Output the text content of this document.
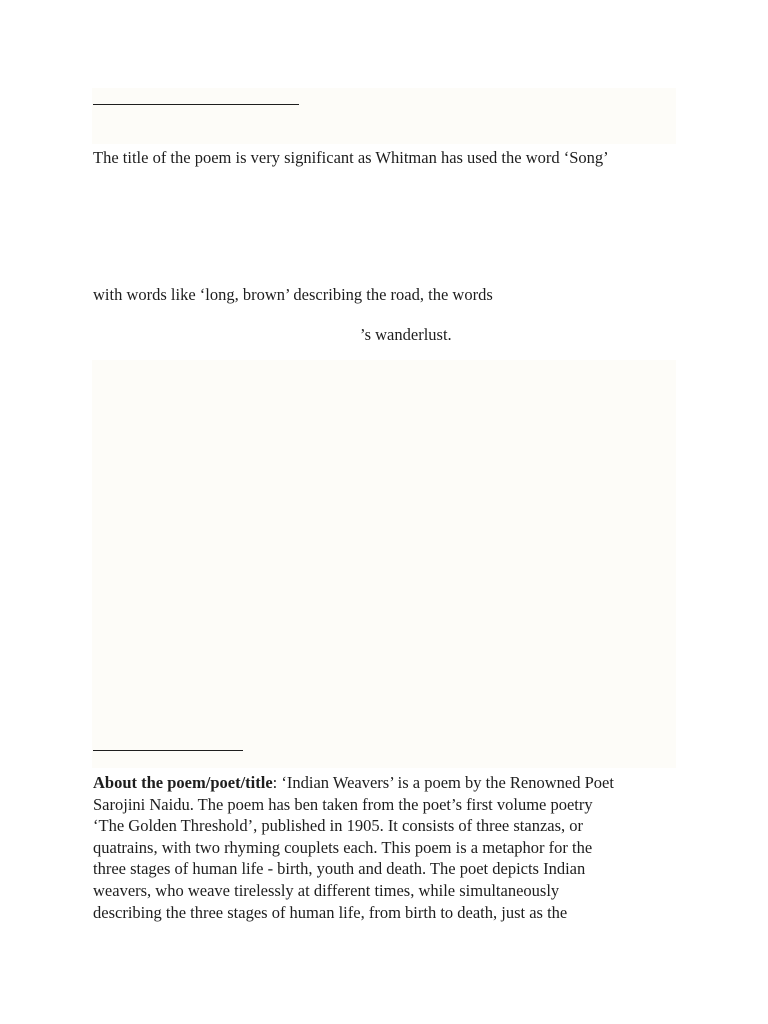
The title of the poem is very significant as Whitman has used the word ‘Song’
with words like ‘long, brown’ describing the road, the words
’s wanderlust.
About the poem/poet/title: ‘Indian Weavers’ is a poem by the Renowned Poet
Sarojini Naidu. The poem has ben taken from the poet’s first volume poetry
‘The Golden Threshold’, published in 1905. It consists of three stanzas, or
quatrains, with two rhyming couplets each. This poem is a metaphor for the
three stages of human life - birth, youth and death. The poet depicts Indian
weavers, who weave tirelessly at different times, while simultaneously
describing the three stages of human life, from birth to death, just as the
